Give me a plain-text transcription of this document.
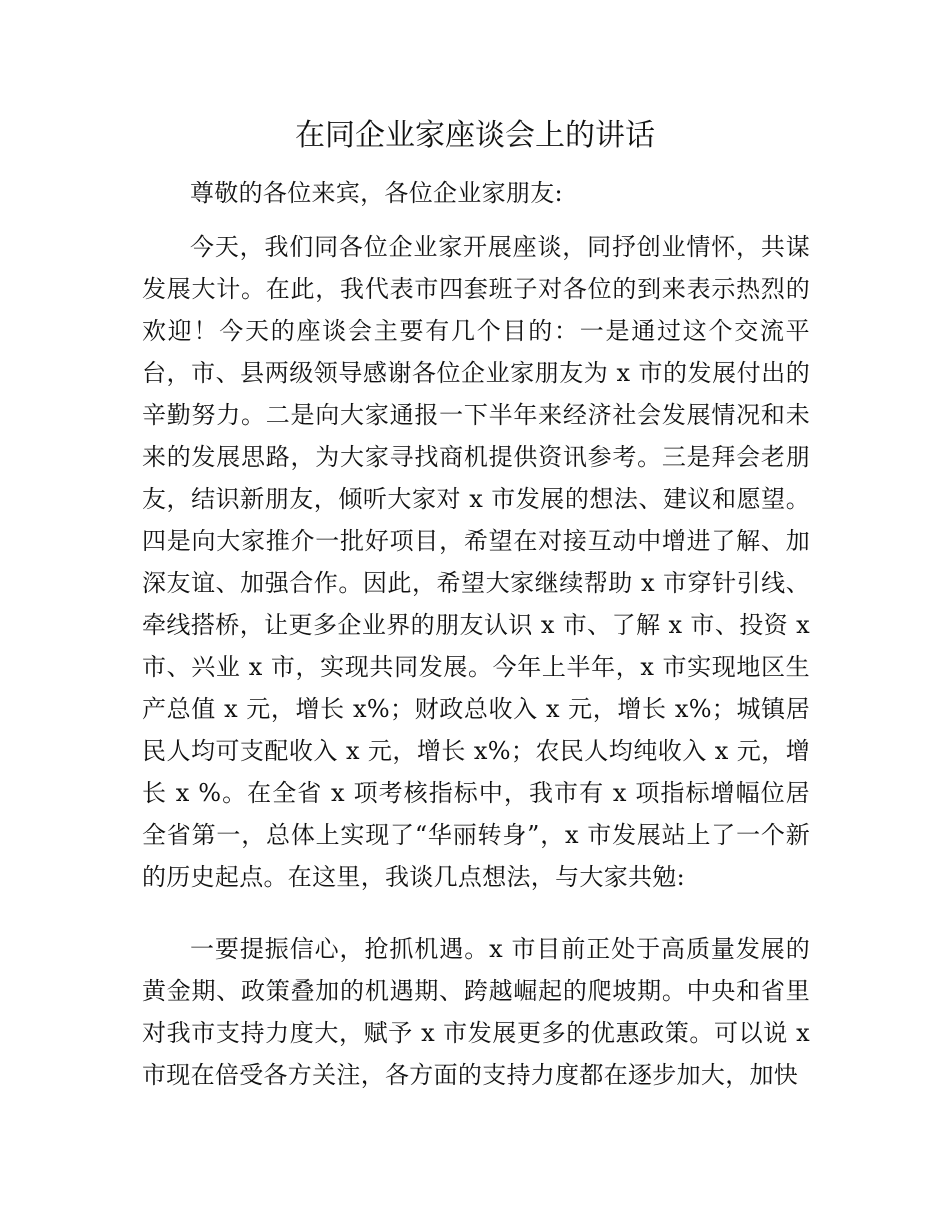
在同企业家座谈会上的讲话

尊敬的各位来宾，各位企业家朋友:

今天，我们同各位企业家开展座谈，同抒创业情怀，共谋发展大计。在此，我代表市四套班子对各位的到来表示热烈的欢迎！今天的座谈会主要有几个目的：一是通过这个交流平台，市、县两级领导感谢各位企业家朋友为 x 市的发展付出的辛勤努力。二是向大家通报一下半年来经济社会发展情况和未来的发展思路，为大家寻找商机提供资讯参考。三是拜会老朋友，结识新朋友，倾听大家对 x 市发展的想法、建议和愿望。四是向大家推介一批好项目，希望在对接互动中增进了解、加深友谊、加强合作。因此，希望大家继续帮助 x 市穿针引线、牵线搭桥，让更多企业界的朋友认识 x 市、了解 x 市、投资 x 市、兴业 x 市，实现共同发展。今年上半年，x 市实现地区生产总值 x 元，增长 x%；财政总收入 x 元，增长 x%；城镇居民人均可支配收入 x 元，增长 x%；农民人均纯收入 x 元，增长 x %。在全省 x 项考核指标中，我市有 x 项指标增幅位居全省第一，总体上实现了“华丽转身”，x 市发展站上了一个新的历史起点。在这里，我谈几点想法，与大家共勉:

一要提振信心，抢抓机遇。x 市目前正处于高质量发展的黄金期、政策叠加的机遇期、跨越崛起的爬坡期。中央和省里对我市支持力度大，赋予 x 市发展更多的优惠政策。可以说 x 市现在倍受各方关注，各方面的支持力度都在逐步加大，加快
